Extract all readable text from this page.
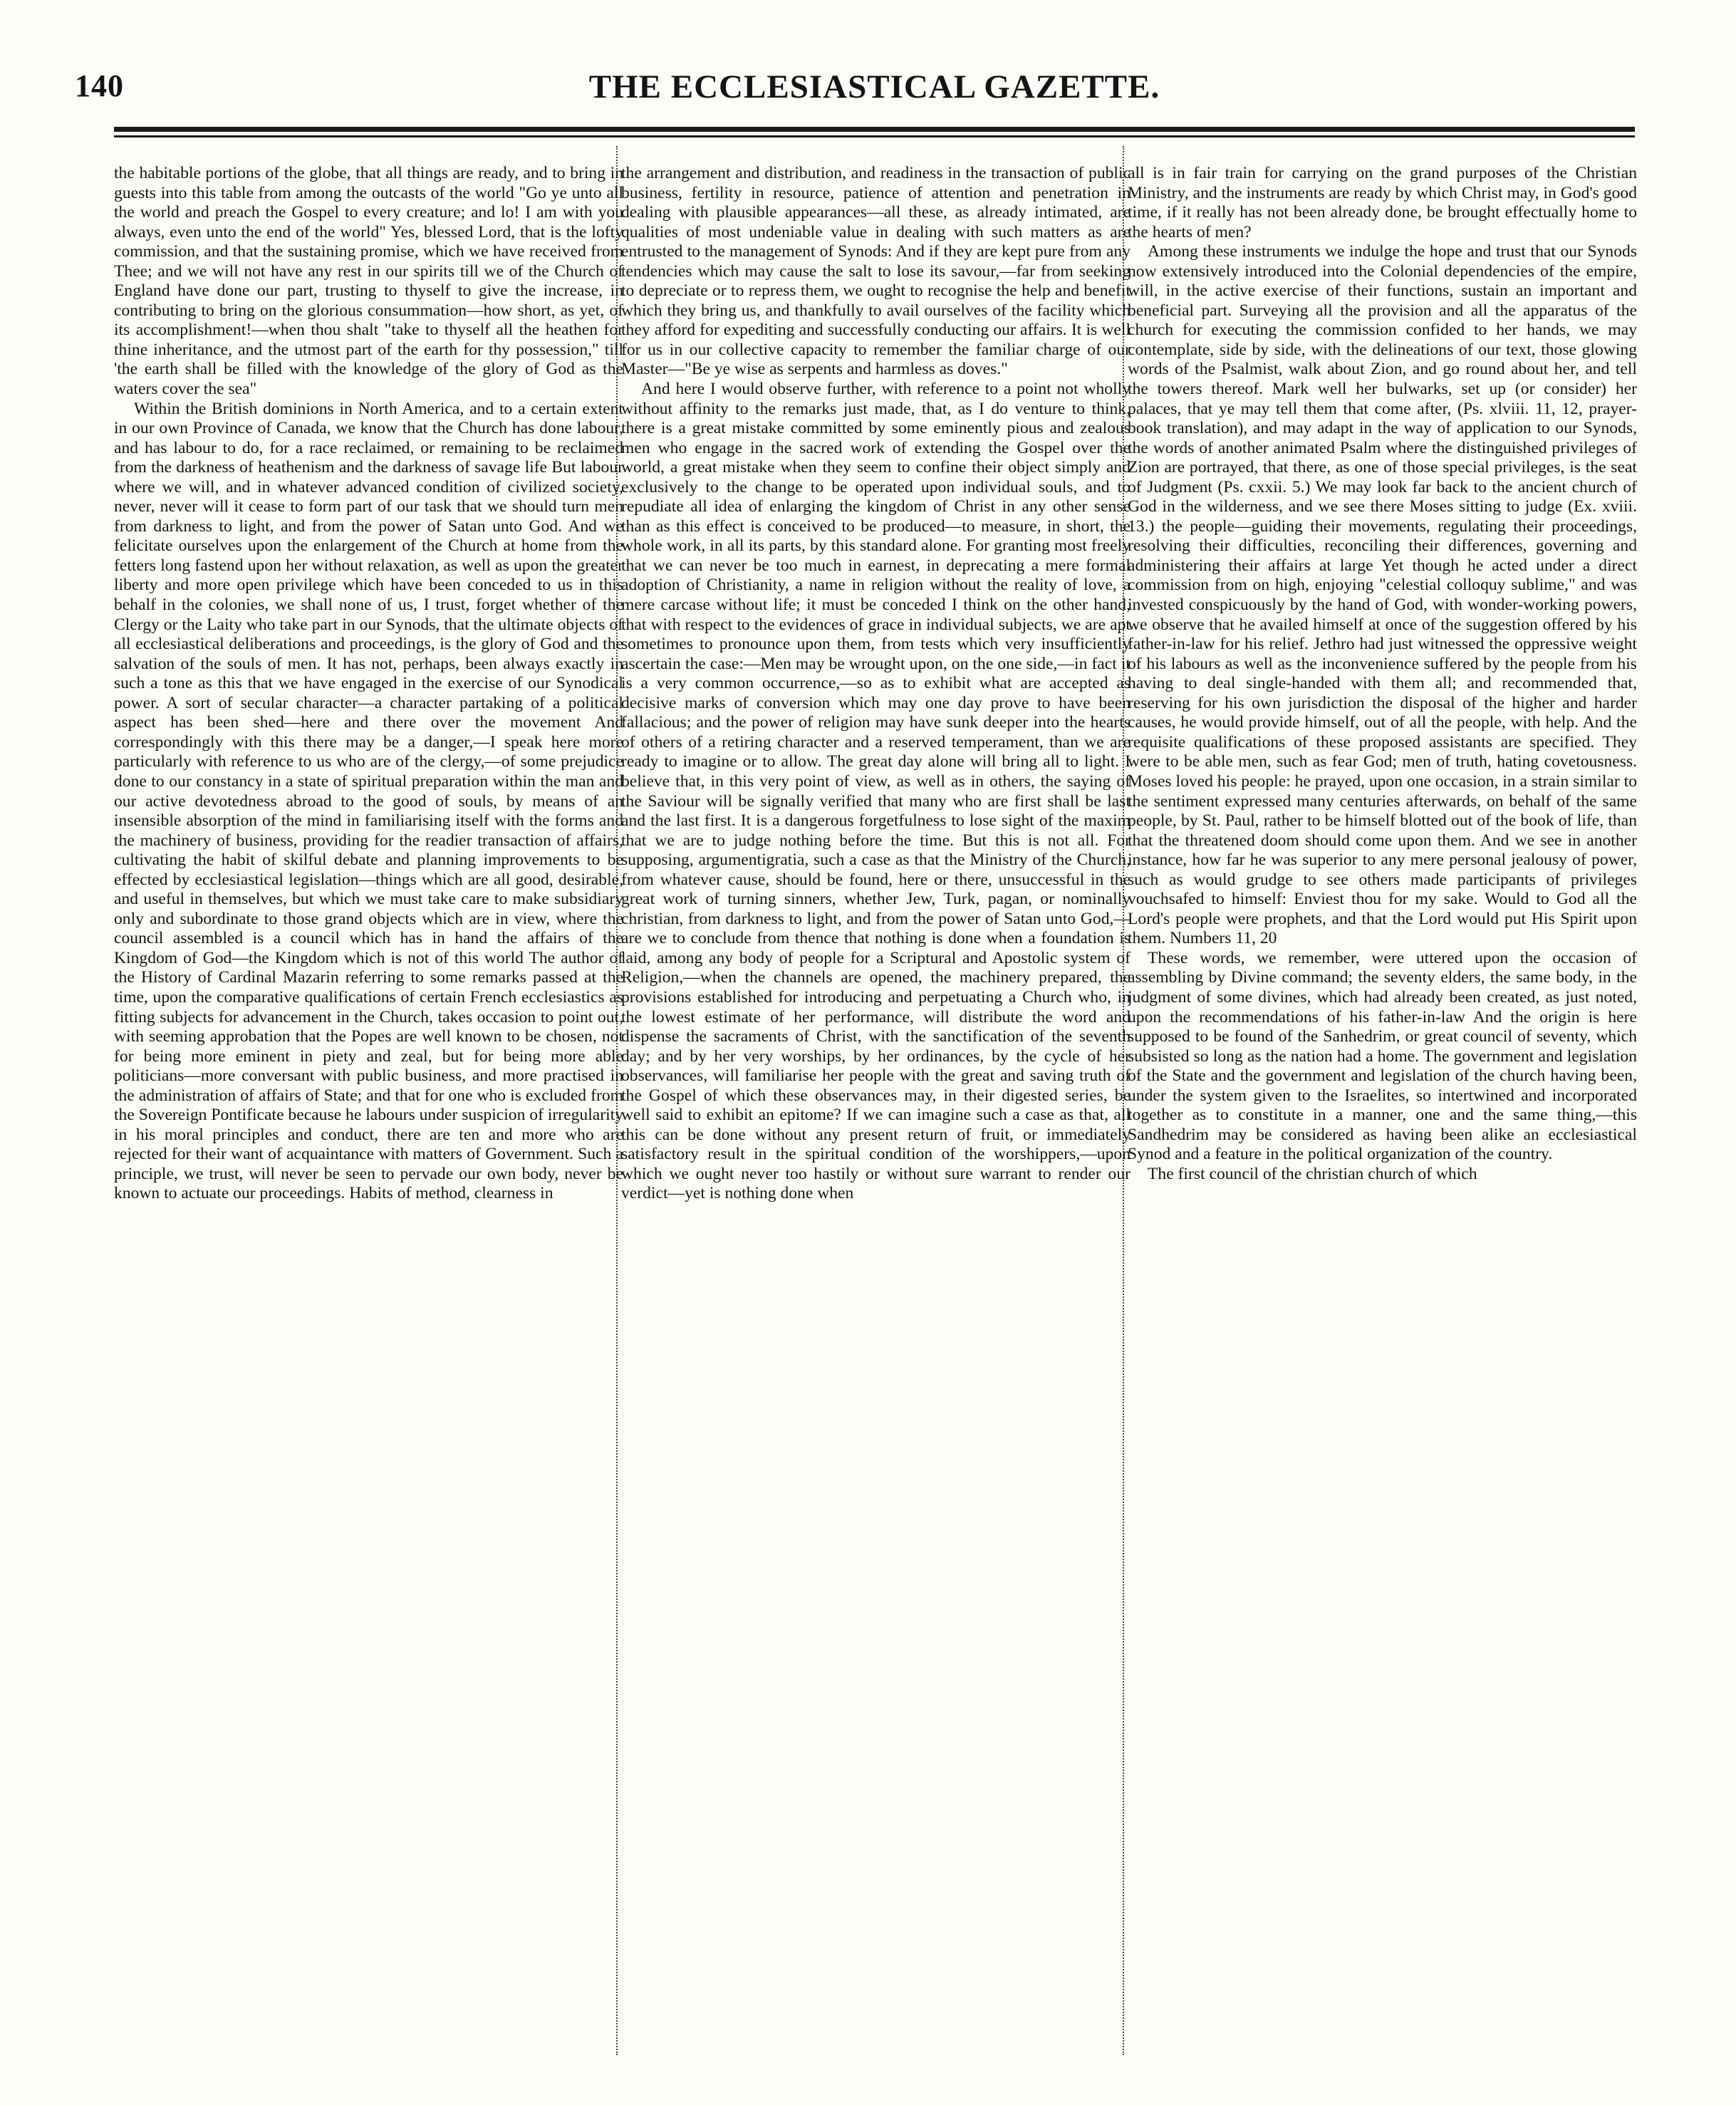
140	THE ECCLESIASTICAL GAZETTE.

the habitable portions of the globe, that all things are ready, and to bring in guests into this table from among the outcasts of the world "Go ye unto all the world and preach the Gospel to every creature; and lo! I am with you always, even unto the end of the world" Yes, blessed Lord, that is the lofty commission, and that the sustaining promise, which we have received from Thee; and we will not have any rest in our spirits till we of the Church of England have done our part, trusting to thyself to give the increase, in contributing to bring on the glorious consummation—how short, as yet, of its accomplishment!—when thou shalt "take to thyself all the heathen for thine inheritance, and the utmost part of the earth for thy possession," till 'the earth shall be filled with the knowledge of the glory of God as the waters cover the sea"

Within the British dominions in North America, and to a certain extent in our own Province of Canada, we know that the Church has done labour, and has labour to do, for a race reclaimed, or remaining to be reclaimed from the darkness of heathenism and the darkness of savage life But labour where we will, and in whatever advanced condition of civilized society, never, never will it cease to form part of our task that we should turn men from darkness to light, and from the power of Satan unto God. And we felicitate ourselves upon the enlargement of the Church at home from the fetters long fastend upon her without relaxation, as well as upon the greater liberty and more open privilege which have been conceded to us in this behalf in the colonies, we shall none of us, I trust, forget whether of the Clergy or the Laity who take part in our Synods, that the ultimate objects of all ecclesiastical deliberations and proceedings, is the glory of God and the salvation of the souls of men. It has not, perhaps, been always exactly in such a tone as this that we have engaged in the exercise of our Synodical power. A sort of secular character—a character partaking of a political aspect has been shed—here and there over the movement And correspondingly with this there may be a danger,—I speak here more particularly with reference to us who are of the clergy,—of some prejudice done to our constancy in a state of spiritual preparation within the man and our active devotedness abroad to the good of souls, by means of an insensible absorption of the mind in familiarising itself with the forms and the machinery of business, providing for the readier transaction of affairs, cultivating the habit of skilful debate and planning improvements to be effected by ecclesiastical legislation—things which are all good, desirable, and useful in themselves, but which we must take care to make subsidiary only and subordinate to those grand objects which are in view, where the council assembled is a council which has in hand the affairs of the Kingdom of God—the Kingdom which is not of this world The author of the History of Cardinal Mazarin referring to some remarks passed at the time, upon the comparative qualifications of certain French ecclesiastics as fitting subjects for advancement in the Church, takes occasion to point out, with seeming approbation that the Popes are well known to be chosen, not for being more eminent in piety and zeal, but for being more able politicians—more conversant with public business, and more practised in the administration of affairs of State; and that for one who is excluded from the Sovereign Pontificate because he labours under suspicion of irregularity in his moral principles and conduct, there are ten and more who are rejected for their want of acquaintance with matters of Government. Such a principle, we trust, will never be seen to pervade our own body, never be known to actuate our proceedings. Habits of method, clearness in

the arrangement and distribution, and readiness in the transaction of public business, fertility in resource, patience of attention and penetration in dealing with plausible appearances—all these, as already intimated, are qualities of most undeniable value in dealing with such matters as are entrusted to the management of Synods: And if they are kept pure from any tendencies which may cause the salt to lose its savour,—far from seeking to depreciate or to repress them, we ought to recognise the help and benefit which they bring us, and thankfully to avail ourselves of the facility which they afford for expediting and successfully conducting our affairs. It is well for us in our collective capacity to remember the familiar charge of our Master—"Be ye wise as serpents and harmless as doves."

And here I would observe further, with reference to a point not wholly without affinity to the remarks just made, that, as I do venture to think, there is a great mistake committed by some eminently pious and zealous men who engage in the sacred work of extending the Gospel over the world, a great mistake when they seem to confine their object simply and exclusively to the change to be operated upon individual souls, and to repudiate all idea of enlarging the kingdom of Christ in any other sense than as this effect is conceived to be produced—to measure, in short, the whole work, in all its parts, by this standard alone. For granting most freely that we can never be too much in earnest, in deprecating a mere formal adoption of Christianity, a name in religion without the reality of love, a mere carcase without life; it must be conceded I think on the other hand, that with respect to the evidences of grace in individual subjects, we are apt sometimes to pronounce upon them, from tests which very insufficiently ascertain the case:—Men may be wrought upon, on the one side,—in fact it is a very common occurrence,—so as to exhibit what are accepted as decisive marks of conversion which may one day prove to have been fallacious; and the power of religion may have sunk deeper into the hearts of others of a retiring character and a reserved temperament, than we are ready to imagine or to allow. The great day alone will bring all to light. I believe that, in this very point of view, as well as in others, the saying of the Saviour will be signally verified that many who are first shall be last and the last first. It is a dangerous forgetfulness to lose sight of the maxim that we are to judge nothing before the time. But this is not all. For supposing, argumentigratia, such a case as that the Ministry of the Church, from whatever cause, should be found, here or there, unsuccessful in the great work of turning sinners, whether Jew, Turk, pagan, or nominally christian, from darkness to light, and from the power of Satan unto God,—are we to conclude from thence that nothing is done when a foundation is laid, among any body of people for a Scriptural and Apostolic system of Religion,—when the channels are opened, the machinery prepared, the provisions established for introducing and perpetuating a Church who, in the lowest estimate of her performance, will distribute the word and dispense the sacraments of Christ, with the sanctification of the seventh day; and by her very worships, by her ordinances, by the cycle of her observances, will familiarise her people with the great and saving truth of the Gospel of which these observances may, in their digested series, be well said to exhibit an epitome? If we can imagine such a case as that, all this can be done without any present return of fruit, or immediately satisfactory result in the spiritual condition of the worshippers,—upon which we ought never too hastily or without sure warrant to render our verdict—yet is nothing done when

all is in fair train for carrying on the grand purposes of the Christian Ministry, and the instruments are ready by which Christ may, in God's good time, if it really has not been already done, be brought effectually home to the hearts of men?

Among these instruments we indulge the hope and trust that our Synods now extensively introduced into the Colonial dependencies of the empire, will, in the active exercise of their functions, sustain an important and beneficial part. Surveying all the provision and all the apparatus of the church for executing the commission confided to her hands, we may contemplate, side by side, with the delineations of our text, those glowing words of the Psalmist, walk about Zion, and go round about her, and tell the towers thereof. Mark well her bulwarks, set up (or consider) her palaces, that ye may tell them that come after, (Ps. xlviii. 11, 12, prayer-book translation), and may adapt in the way of application to our Synods, the words of another animated Psalm where the distinguished privileges of Zion are portrayed, that there, as one of those special privileges, is the seat of Judgment (Ps. cxxii. 5.) We may look far back to the ancient church of God in the wilderness, and we see there Moses sitting to judge (Ex. xviii. 13.) the people—guiding their movements, regulating their proceedings, resolving their difficulties, reconciling their differences, governing and administering their affairs at large Yet though he acted under a direct commission from on high, enjoying "celestial colloquy sublime," and was invested conspicuously by the hand of God, with wonder-working powers, we observe that he availed himself at once of the suggestion offered by his father-in-law for his relief. Jethro had just witnessed the oppressive weight of his labours as well as the inconvenience suffered by the people from his having to deal single-handed with them all; and recommended that, reserving for his own jurisdiction the disposal of the higher and harder causes, he would provide himself, out of all the people, with help. And the requisite qualifications of these proposed assistants are specified. They were to be able men, such as fear God; men of truth, hating covetousness. Moses loved his people: he prayed, upon one occasion, in a strain similar to the sentiment expressed many centuries afterwards, on behalf of the same people, by St. Paul, rather to be himself blotted out of the book of life, than that the threatened doom should come upon them. And we see in another instance, how far he was superior to any mere personal jealousy of power, such as would grudge to see others made participants of privileges vouchsafed to himself: Enviest thou for my sake. Would to God all the Lord's people were prophets, and that the Lord would put His Spirit upon them. Numbers 11, 20

These words, we remember, were uttered upon the occasion of assembling by Divine command; the seventy elders, the same body, in the judgment of some divines, which had already been created, as just noted, upon the recommendations of his father-in-law And the origin is here supposed to be found of the Sanhedrim, or great council of seventy, which subsisted so long as the nation had a home. The government and legislation of the State and the government and legislation of the church having been, under the system given to the Israelites, so intertwined and incorporated together as to constitute in a manner, one and the same thing,—this Sandhedrim may be considered as having been alike an ecclesiastical Synod and a feature in the political organization of the country.

The first council of the christian church of which
